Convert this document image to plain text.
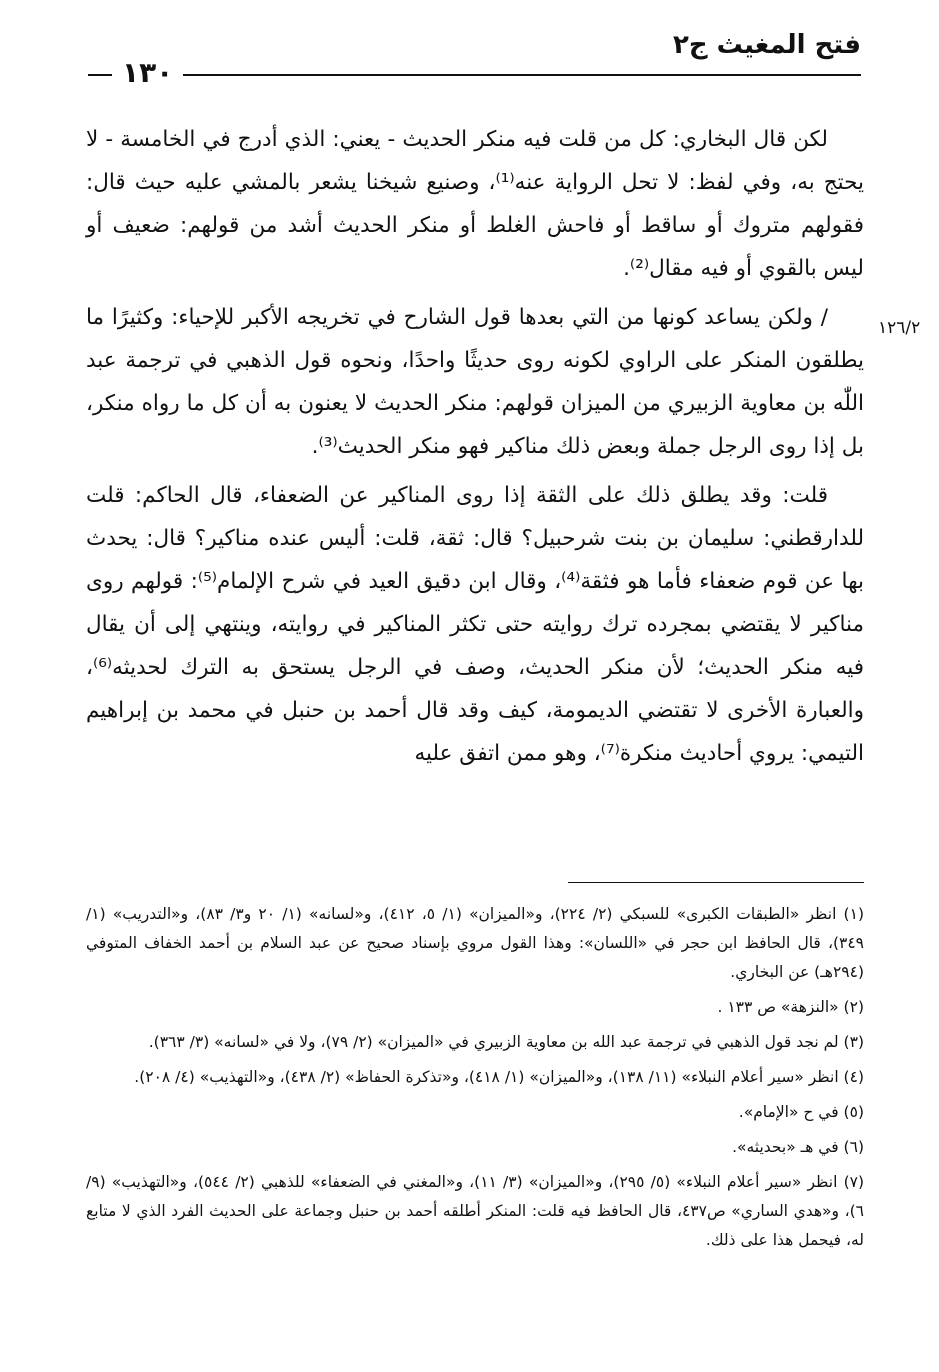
فتح المغيث ج٢
١٣٠
١٢٦/٢

لكن قال البخاري: كل من قلت فيه منكر الحديث - يعني: الذي أدرج في الخامسة - لا يحتج به، وفي لفظ: لا تحل الرواية عنه⁽¹⁾، وصنيع شيخنا يشعر بالمشي عليه حيث قال: فقولهم متروك أو ساقط أو فاحش الغلط أو منكر الحديث أشد من قولهم: ضعيف أو ليس بالقوي أو فيه مقال⁽²⁾.

/ ولكن يساعد كونها من التي بعدها قول الشارح في تخريجه الأكبر للإحياء: وكثيرًا ما يطلقون المنكر على الراوي لكونه روى حديثًا واحدًا، ونحوه قول الذهبي في ترجمة عبد اللّٰه بن معاوية الزبيري من الميزان قولهم: منكر الحديث لا يعنون به أن كل ما رواه منكر، بل إذا روى الرجل جملة وبعض ذلك مناكير فهو منكر الحديث⁽³⁾.

قلت: وقد يطلق ذلك على الثقة إذا روى المناكير عن الضعفاء، قال الحاكم: قلت للدارقطني: سليمان بن بنت شرحبيل؟ قال: ثقة، قلت: أليس عنده مناكير؟ قال: يحدث بها عن قوم ضعفاء فأما هو فثقة⁽⁴⁾، وقال ابن دقيق العيد في شرح الإلمام⁽⁵⁾: قولهم روى مناكير لا يقتضي بمجرده ترك روايته حتى تكثر المناكير في روايته، وينتهي إلى أن يقال فيه منكر الحديث؛ لأن منكر الحديث، وصف في الرجل يستحق به الترك لحديثه⁽⁶⁾، والعبارة الأخرى لا تقتضي الديمومة، كيف وقد قال أحمد بن حنبل في محمد بن إبراهيم التيمي: يروي أحاديث منكرة⁽⁷⁾، وهو ممن اتفق عليه

(١) انظر «الطبقات الكبرى» للسبكي (٢/ ٢٢٤)، و«الميزان» (١/ ٥، ٤١٢)، و«لسانه» (١/ ٢٠ و٣/ ٨٣)، و«التدريب» (١/ ٣٤٩)، قال الحافظ ابن حجر في «اللسان»: وهذا القول مروي بإسناد صحيح عن عبد السلام بن أحمد الخفاف المتوفي (٢٩٤هـ) عن البخاري.

(٢) «النزهة» ص ١٣٣ .

(٣) لم نجد قول الذهبي في ترجمة عبد الله بن معاوية الزبيري في «الميزان» (٢/ ٧٩)، ولا في «لسانه» (٣/ ٣٦٣).

(٤) انظر «سير أعلام النبلاء» (١١/ ١٣٨)، و«الميزان» (١/ ٤١٨)، و«تذكرة الحفاظ» (٢/ ٤٣٨)، و«التهذيب» (٤/ ٢٠٨).

(٥) في ح «الإمام».

(٦) في هـ «بحديثه».

(٧) انظر «سير أعلام النبلاء» (٥/ ٢٩٥)، و«الميزان» (٣/ ١١)، و«المغني في الضعفاء» للذهبي (٢/ ٥٤٤)، و«التهذيب» (٩/ ٦)، و«هدي الساري» ص٤٣٧، قال الحافظ فيه قلت: المنكر أطلقه أحمد بن حنبل وجماعة على الحديث الفرد الذي لا متابع له، فيحمل هذا على ذلك.
